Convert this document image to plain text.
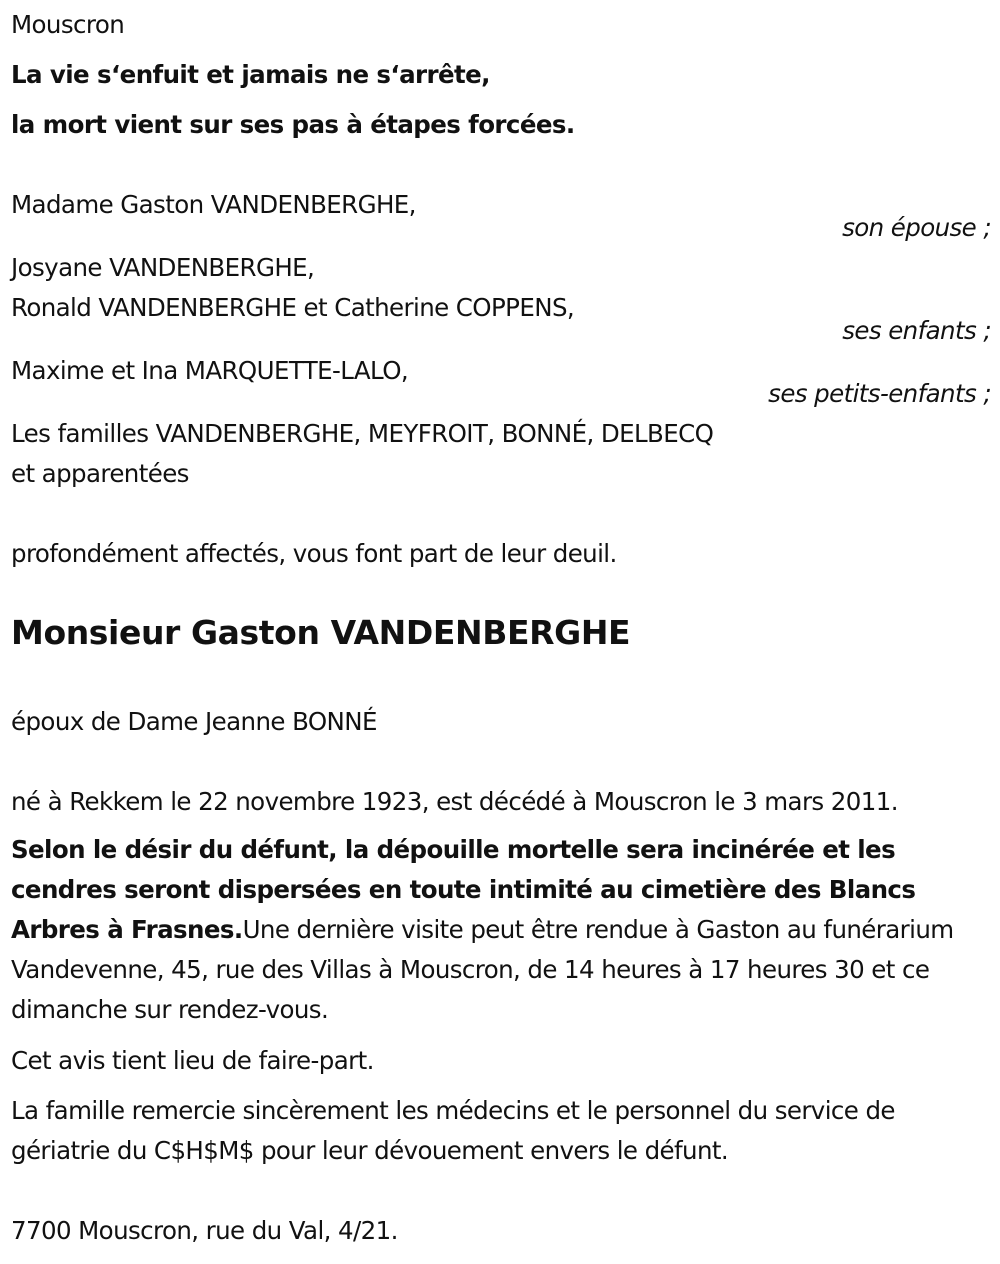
Mouscron
La vie s‘enfuit et jamais ne s‘arrête,
la mort vient sur ses pas à étapes forcées.
Madame Gaston VANDENBERGHE,
son épouse ;
Josyane VANDENBERGHE,
Ronald VANDENBERGHE et Catherine COPPENS,
ses enfants ;
Maxime et Ina MARQUETTE-LALO,
ses petits-enfants ;
Les familles VANDENBERGHE, MEYFROIT, BONNÉ, DELBECQ
et apparentées
profondément affectés, vous font part de leur deuil.
Monsieur Gaston VANDENBERGHE
époux de Dame Jeanne BONNÉ
né à Rekkem le 22 novembre 1923, est décédé à Mouscron le 3 mars 2011.
Selon le désir du défunt, la dépouille mortelle sera incinérée et les cendres seront dispersées en toute intimité au cimetière des Blancs Arbres à Frasnes.Une dernière visite peut être rendue à Gaston au funérarium Vandevenne, 45, rue des Villas à Mouscron, de 14 heures à 17 heures 30 et ce dimanche sur rendez-vous.
Cet avis tient lieu de faire-part.
La famille remercie sincèrement les médecins et le personnel du service de gériatrie du C$H$M$ pour leur dévouement envers le défunt.
7700 Mouscron, rue du Val, 4/21.
